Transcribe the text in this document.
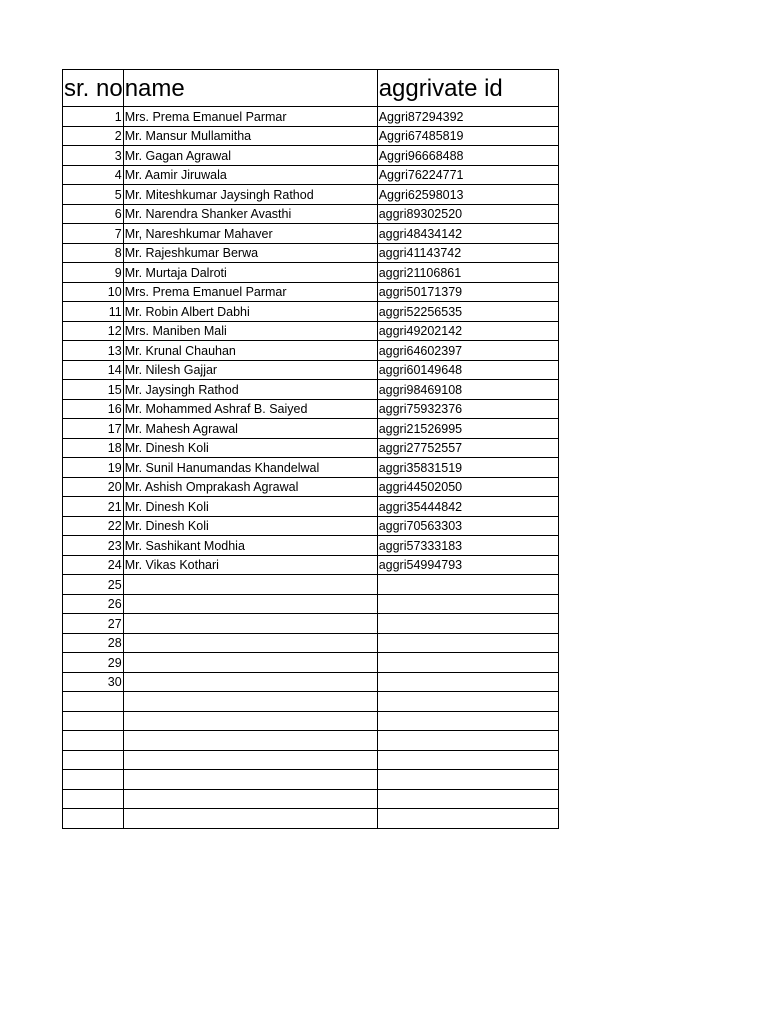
sr. no	name	aggrivate id
1	Mrs. Prema Emanuel Parmar	Aggri87294392
2	Mr. Mansur Mullamitha	Aggri67485819
3	Mr. Gagan Agrawal	Aggri96668488
4	Mr. Aamir Jiruwala	Aggri76224771
5	Mr. Miteshkumar Jaysingh Rathod	Aggri62598013
6	Mr. Narendra Shanker Avasthi	aggri89302520
7	Mr, Nareshkumar Mahaver	aggri48434142
8	Mr. Rajeshkumar Berwa	aggri41143742
9	Mr. Murtaja Dalroti	aggri21106861
10	Mrs. Prema Emanuel Parmar	aggri50171379
11	Mr. Robin Albert Dabhi	aggri52256535
12	Mrs. Maniben Mali	aggri49202142
13	Mr. Krunal Chauhan	aggri64602397
14	Mr. Nilesh Gajjar	aggri60149648
15	Mr. Jaysingh Rathod	aggri98469108
16	Mr. Mohammed Ashraf B. Saiyed	aggri75932376
17	Mr. Mahesh Agrawal	aggri21526995
18	Mr. Dinesh Koli	aggri27752557
19	Mr. Sunil Hanumandas Khandelwal	aggri35831519
20	Mr. Ashish Omprakash Agrawal	aggri44502050
21	Mr. Dinesh Koli	aggri35444842
22	Mr. Dinesh Koli	aggri70563303
23	Mr. Sashikant Modhia	aggri57333183
24	Mr. Vikas Kothari	aggri54994793
25		
26		
27		
28		
29		
30		
